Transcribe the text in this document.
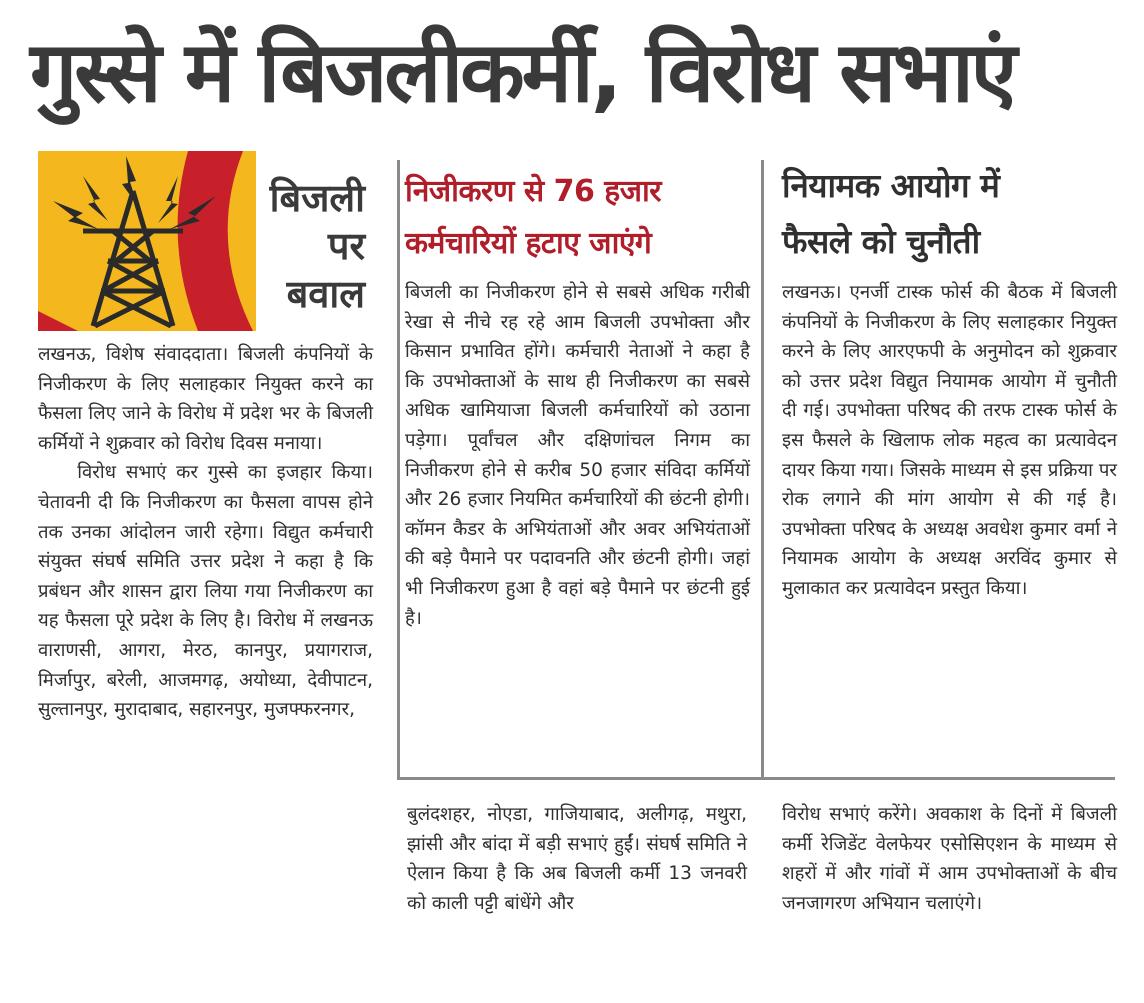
गुस्से में बिजलीकर्मी, विरोध सभाएं
बिजली
पर
बवाल
लखनऊ, विशेष संवाददाता। बिजली कंपनियों के निजीकरण के लिए सलाहकार नियुक्त करने का फैसला लिए जाने के विरोध में प्रदेश भर के बिजली कर्मियों ने शुक्रवार को विरोध दिवस मनाया।
विरोध सभाएं कर गुस्से का इजहार किया। चेतावनी दी कि निजीकरण का फैसला वापस होने तक उनका आंदोलन जारी रहेगा। विद्युत कर्मचारी संयुक्त संघर्ष समिति उत्तर प्रदेश ने कहा है कि प्रबंधन और शासन द्वारा लिया गया निजीकरण का यह फैसला पूरे प्रदेश के लिए है। विरोध में लखनऊ वाराणसी, आगरा, मेरठ, कानपुर, प्रयागराज, मिर्जापुर, बरेली, आजमगढ़, अयोध्या, देवीपाटन, सुल्तानपुर, मुरादाबाद, सहारनपुर, मुजफ्फरनगर,
निजीकरण से 76 हजार
कर्मचारियों हटाए जाएंगे
बिजली का निजीकरण होने से सबसे अधिक गरीबी रेखा से नीचे रह रहे आम बिजली उपभोक्ता और किसान प्रभावित होंगे। कर्मचारी नेताओं ने कहा है कि उपभोक्ताओं के साथ ही निजीकरण का सबसे अधिक खामियाजा बिजली कर्मचारियों को उठाना पड़ेगा। पूर्वांचल और दक्षिणांचल निगम का निजीकरण होने से करीब 50 हजार संविदा कर्मियों और 26 हजार नियमित कर्मचारियों की छंटनी होगी। कॉमन कैडर के अभियंताओं और अवर अभियंताओं की बड़े पैमाने पर पदावनति और छंटनी होगी। जहां भी निजीकरण हुआ है वहां बड़े पैमाने पर छंटनी हुई है।
नियामक आयोग में
फैसले को चुनौती
लखनऊ। एनर्जी टास्क फोर्स की बैठक में बिजली कंपनियों के निजीकरण के लिए सलाहकार नियुक्त करने के लिए आरएफपी के अनुमोदन को शुक्रवार को उत्तर प्रदेश विद्युत नियामक आयोग में चुनौती दी गई। उपभोक्ता परिषद की तरफ टास्क फोर्स के इस फैसले के खिलाफ लोक महत्व का प्रत्यावेदन दायर किया गया। जिसके माध्यम से इस प्रक्रिया पर रोक लगाने की मांग आयोग से की गई है। उपभोक्ता परिषद के अध्यक्ष अवधेश कुमार वर्मा ने नियामक आयोग के अध्यक्ष अरविंद कुमार से मुलाकात कर प्रत्यावेदन प्रस्तुत किया।
बुलंदशहर, नोएडा, गाजियाबाद, अलीगढ़, मथुरा, झांसी और बांदा में बड़ी सभाएं हुईं। संघर्ष समिति ने ऐलान किया है कि अब बिजली कर्मी 13 जनवरी को काली पट्टी बांधेंगे और
विरोध सभाएं करेंगे। अवकाश के दिनों में बिजली कर्मी रेजिडेंट वेलफेयर एसोसिएशन के माध्यम से शहरों में और गांवों में आम उपभोक्ताओं के बीच जनजागरण अभियान चलाएंगे।
